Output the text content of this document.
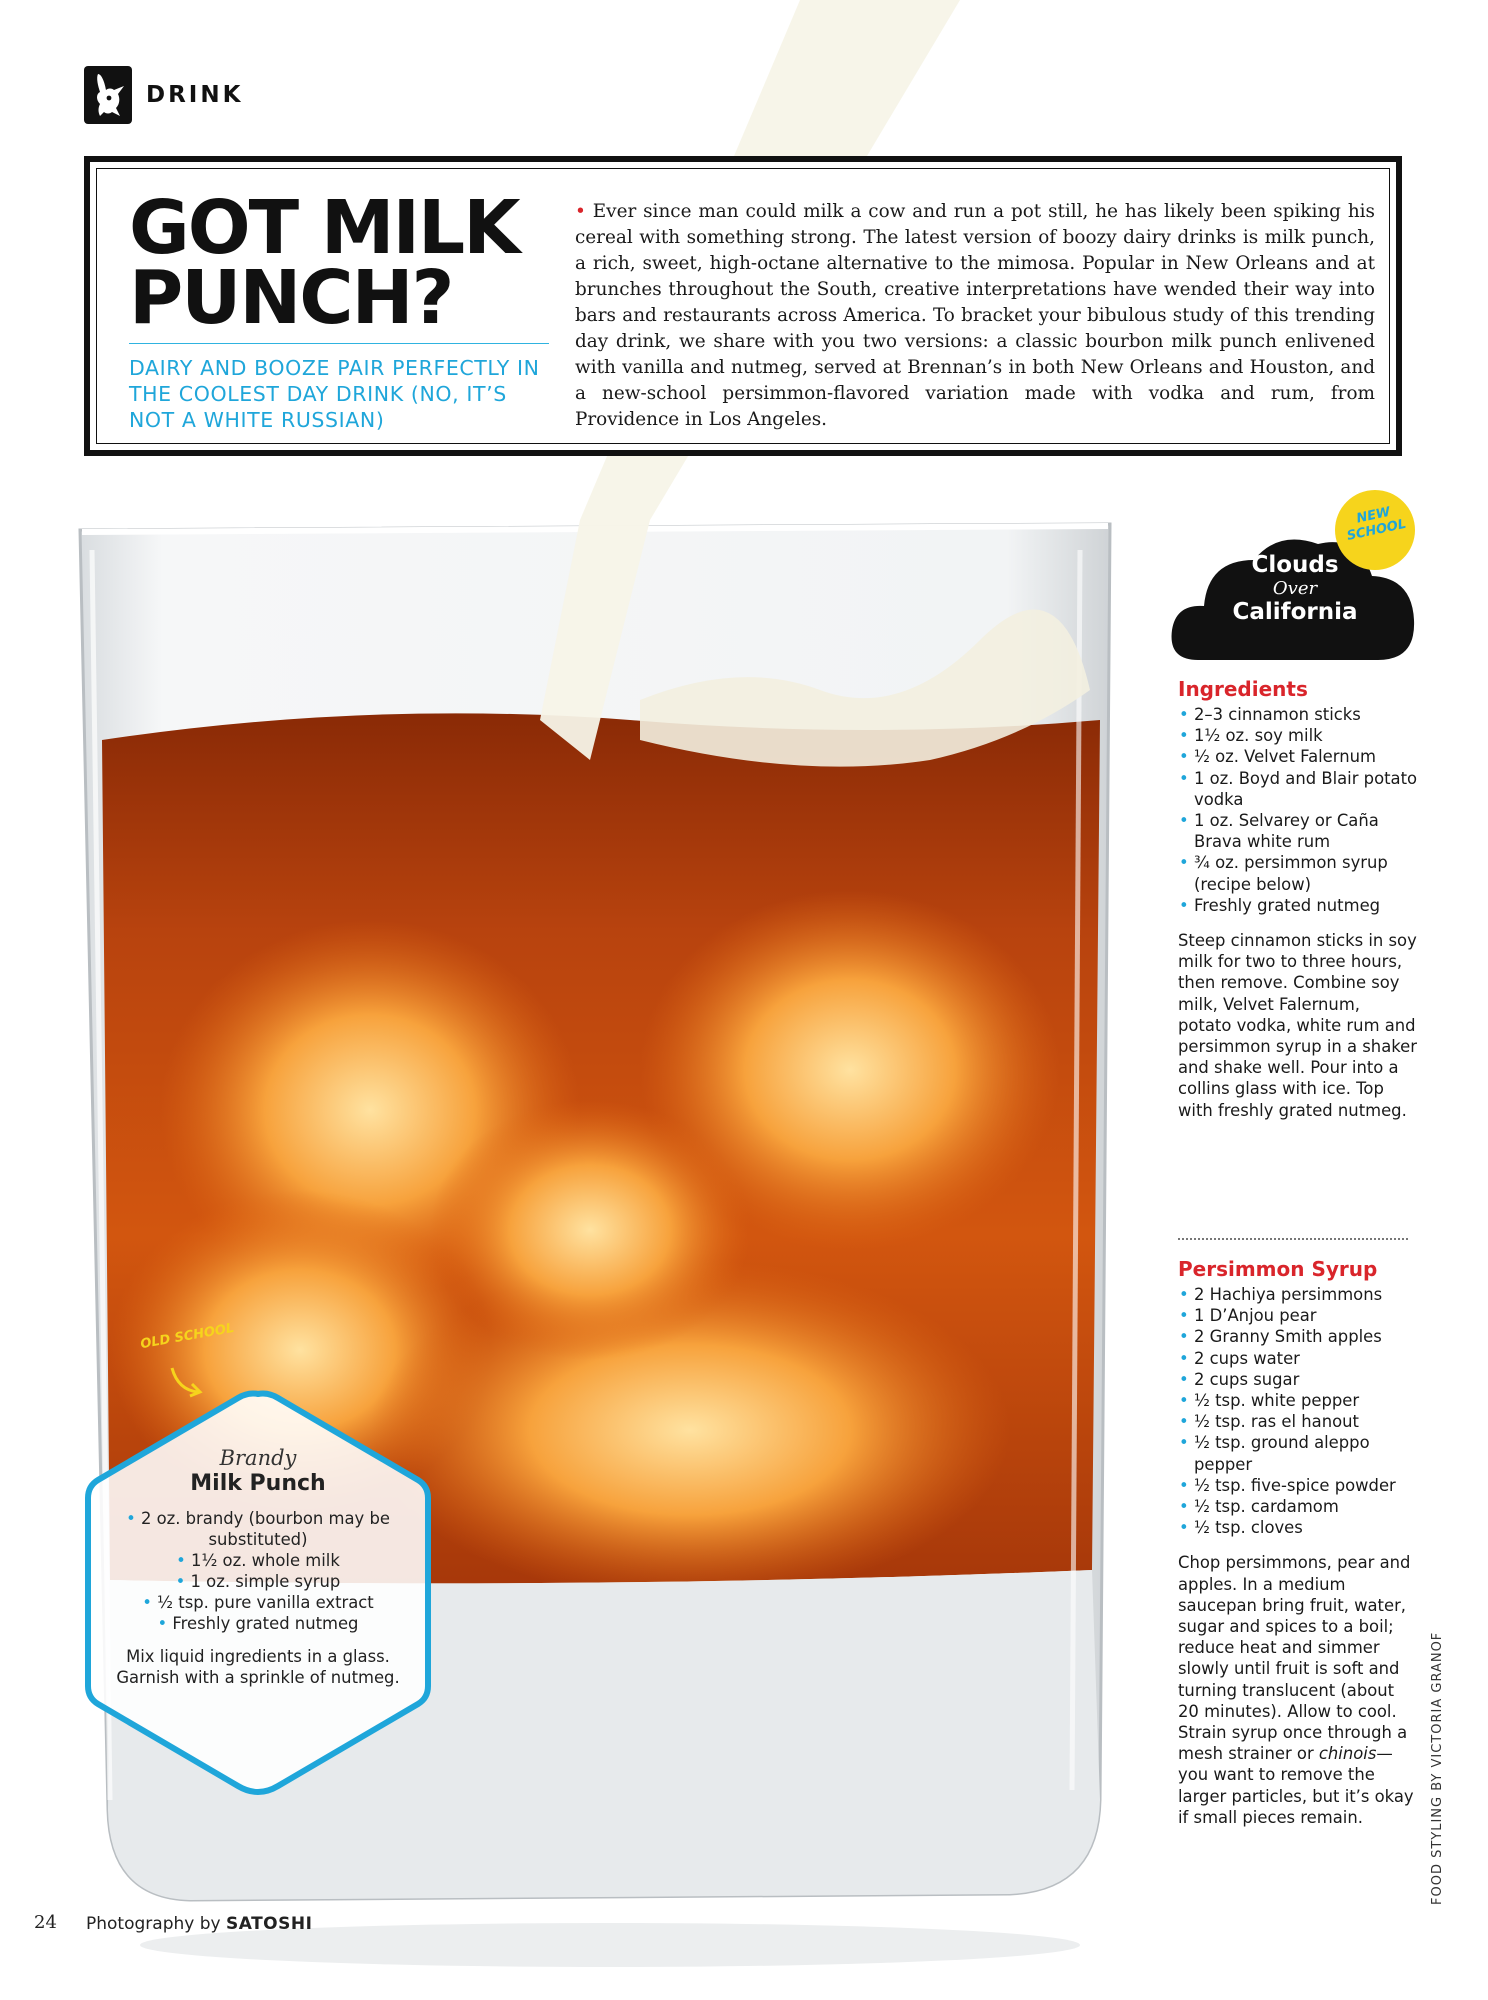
DRINK
GOT MILK PUNCH?
DAIRY AND BOOZE PAIR PERFECTLY IN THE COOLEST DAY DRINK (NO, IT’S NOT A WHITE RUSSIAN)
• Ever since man could milk a cow and run a pot still, he has likely been spiking his cereal with something strong. The latest version of boozy dairy drinks is milk punch, a rich, sweet, high-octane alternative to the mimosa. Popular in New Orleans and at brunches throughout the South, creative interpretations have wended their way into bars and restaurants across America. To bracket your bibulous study of this trending day drink, we share with you two versions: a classic bourbon milk punch enlivened with vanilla and nutmeg, served at Brennan’s in both New Orleans and Houston, and a new-school persimmon-flavored variation made with vodka and rum, from Providence in Los Angeles.
Clouds
Over
California
NEW SCHOOL
Ingredients
• 2–3 cinnamon sticks
• 1½ oz. soy milk
• ½ oz. Velvet Falernum
• 1 oz. Boyd and Blair potato vodka
• 1 oz. Selvarey or Caña Brava white rum
• ¾ oz. persimmon syrup (recipe below)
• Freshly grated nutmeg

Steep cinnamon sticks in soy milk for two to three hours, then remove. Combine soy milk, Velvet Falernum, potato vodka, white rum and persimmon syrup in a shaker and shake well. Pour into a collins glass with ice. Top with freshly grated nutmeg.

Persimmon Syrup
• 2 Hachiya persimmons
• 1 D’Anjou pear
• 2 Granny Smith apples
• 2 cups water
• 2 cups sugar
• ½ tsp. white pepper
• ½ tsp. ras el hanout
• ½ tsp. ground aleppo pepper
• ½ tsp. five-spice powder
• ½ tsp. cardamom
• ½ tsp. cloves

Chop persimmons, pear and apples. In a medium saucepan bring fruit, water, sugar and spices to a boil; reduce heat and simmer slowly until fruit is soft and turning translucent (about 20 minutes). Allow to cool. Strain syrup once through a mesh strainer or chinois—you want to remove the larger particles, but it’s okay if small pieces remain.

OLD SCHOOL
Brandy
Milk Punch
• 2 oz. brandy (bourbon may be substituted)
• 1½ oz. whole milk
• 1 oz. simple syrup
• ½ tsp. pure vanilla extract
• Freshly grated nutmeg
Mix liquid ingredients in a glass. Garnish with a sprinkle of nutmeg.
24 Photography by SATOSHI
FOOD STYLING BY VICTORIA GRANOF
